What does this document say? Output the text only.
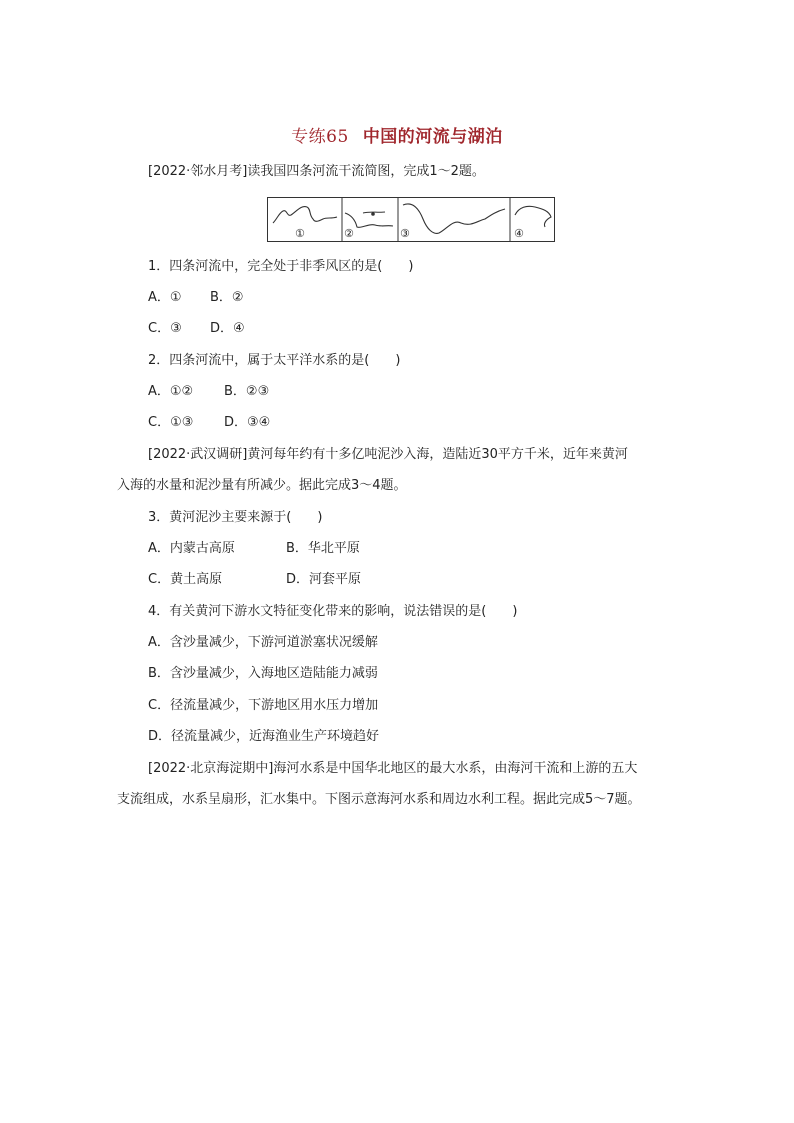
专练65 中国的河流与湖泊
[2022·邻水月考]读我国四条河流干流简图，完成1～2题。
①	②	③	④
1．四条河流中，完全处于非季风区的是(　　)
A．① B．②
C．③ D．④
2．四条河流中，属于太平洋水系的是(　　)
A．①② B．②③
C．①③ D．③④
[2022·武汉调研]黄河每年约有十多亿吨泥沙入海，造陆近30平方千米，近年来黄河
入海的水量和泥沙量有所减少。据此完成3～4题。
3．黄河泥沙主要来源于(　　)
A．内蒙古高原	B．华北平原
C．黄土高原	D．河套平原
4．有关黄河下游水文特征变化带来的影响，说法错误的是(　　)
A．含沙量减少，下游河道淤塞状况缓解
B．含沙量减少，入海地区造陆能力减弱
C．径流量减少，下游地区用水压力增加
D．径流量减少，近海渔业生产环境趋好
[2022·北京海淀期中]海河水系是中国华北地区的最大水系，由海河干流和上游的五大
支流组成，水系呈扇形，汇水集中。下图示意海河水系和周边水利工程。据此完成5～7题。
